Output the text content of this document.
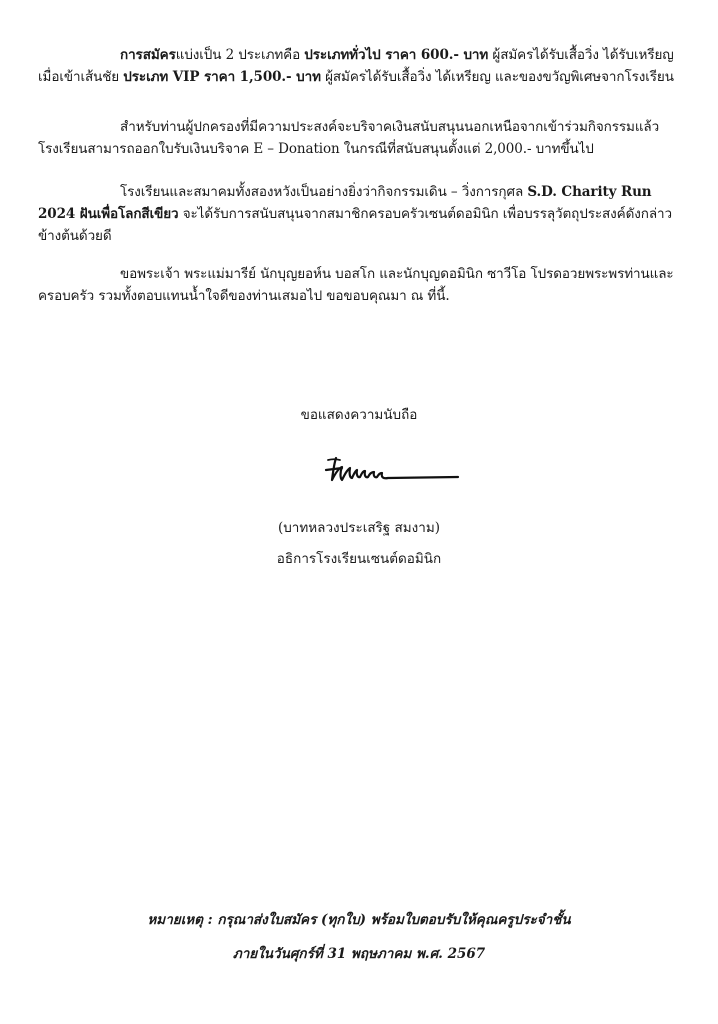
การสมัครแบ่งเป็น 2 ประเภทคือ ประเภททั่วไป ราคา 600.- บาท ผู้สมัครได้รับเสื้อวิ่ง ได้รับเหรียญเมื่อเข้าเส้นชัย ประเภท VIP ราคา 1,500.- บาท ผู้สมัครได้รับเสื้อวิ่ง ได้เหรียญ และของขวัญพิเศษจากโรงเรียน
สำหรับท่านผู้ปกครองที่มีความประสงค์จะบริจาคเงินสนับสนุนนอกเหนือจากเข้าร่วมกิจกรรมแล้ว โรงเรียนสามารถออกใบรับเงินบริจาค E – Donation ในกรณีที่สนับสนุนตั้งแต่ 2,000.- บาทขึ้นไป
โรงเรียนและสมาคมทั้งสองหวังเป็นอย่างยิ่งว่ากิจกรรมเดิน – วิ่งการกุศล S.D. Charity Run 2024 ฝันเพื่อโลกสีเขียว จะได้รับการสนับสนุนจากสมาชิกครอบครัวเซนต์ดอมินิก เพื่อบรรลุวัตถุประสงค์ดังกล่าวข้างต้นด้วยดี
ขอพระเจ้า พระแม่มารีย์ นักบุญยอห์น บอสโก และนักบุญดอมินิก ซาวีโอ โปรดอวยพระพรท่านและครอบครัว รวมทั้งตอบแทนน้ำใจดีของท่านเสมอไป ขอขอบคุณมา ณ ที่นี้.
ขอแสดงความนับถือ
(บาทหลวงประเสริฐ สมงาม)
อธิการโรงเรียนเซนต์ดอมินิก
หมายเหตุ : กรุณาส่งใบสมัคร (ทุกใบ) พร้อมใบตอบรับให้คุณครูประจำชั้น
ภายในวันศุกร์ที่ 31 พฤษภาคม พ.ศ. 2567
